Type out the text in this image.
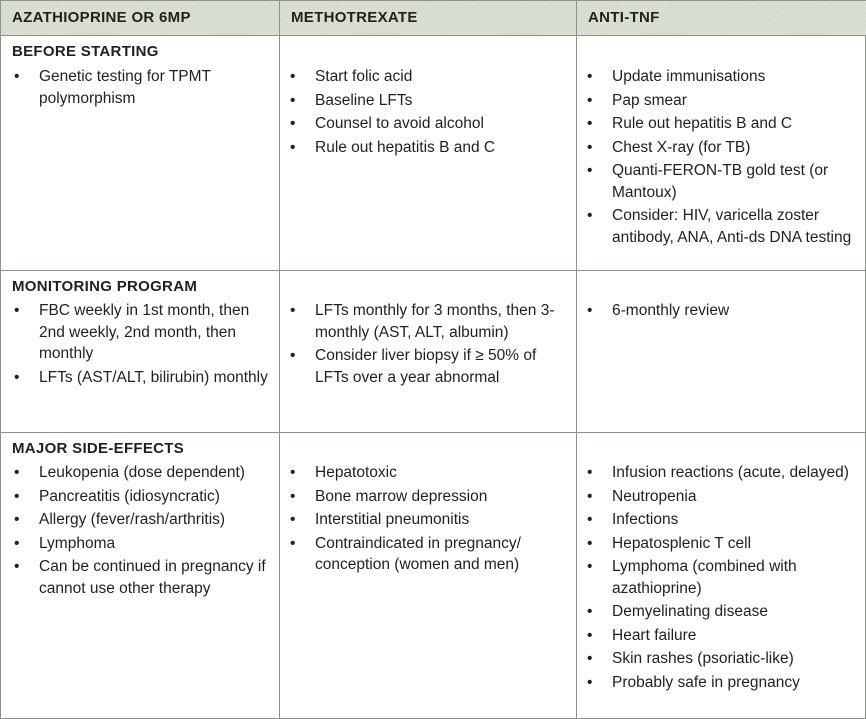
AZATHIOPRINE OR 6MP	METHOTREXATE	ANTI-TNF
BEFORE STARTING
• Genetic testing for TPMT polymorphism
• Start folic acid
• Baseline LFTs
• Counsel to avoid alcohol
• Rule out hepatitis B and C
• Update immunisations
• Pap smear
• Rule out hepatitis B and C
• Chest X-ray (for TB)
• Quanti-FERON-TB gold test (or Mantoux)
• Consider: HIV, varicella zoster antibody, ANA, Anti-ds DNA testing
MONITORING PROGRAM
• FBC weekly in 1st month, then 2nd weekly, 2nd month, then monthly
• LFTs (AST/ALT, bilirubin) monthly
• LFTs monthly for 3 months, then 3-monthly (AST, ALT, albumin)
• Consider liver biopsy if ≥ 50% of LFTs over a year abnormal
• 6-monthly review
MAJOR SIDE-EFFECTS
• Leukopenia (dose dependent)
• Pancreatitis (idiosyncratic)
• Allergy (fever/rash/arthritis)
• Lymphoma
• Can be continued in pregnancy if cannot use other therapy
• Hepatotoxic
• Bone marrow depression
• Interstitial pneumonitis
• Contraindicated in pregnancy/ conception (women and men)
• Infusion reactions (acute, delayed)
• Neutropenia
• Infections
• Hepatosplenic T cell
• Lymphoma (combined with azathioprine)
• Demyelinating disease
• Heart failure
• Skin rashes (psoriatic-like)
• Probably safe in pregnancy
